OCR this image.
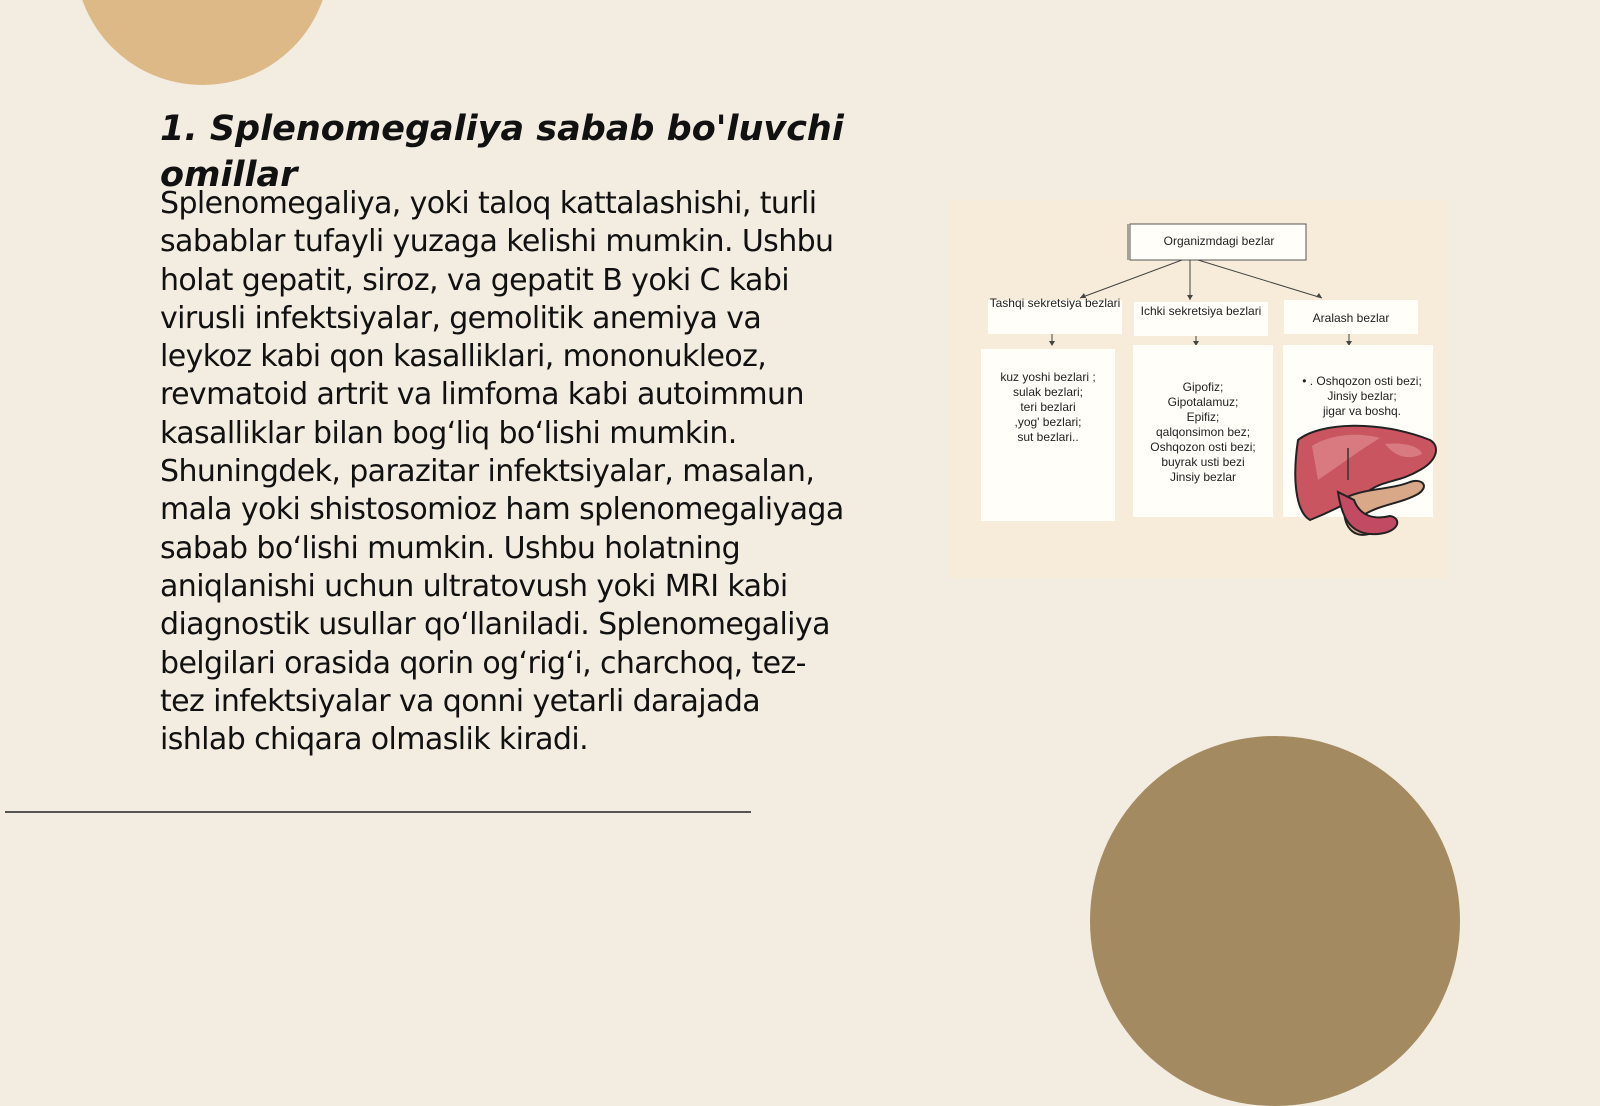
1. Splenomegaliya sabab bo'luvchi omillar

Splenomegaliya, yoki taloq kattalashishi, turli sabablar tufayli yuzaga kelishi mumkin. Ushbu holat gepatit, siroz, va gepatit B yoki C kabi virusli infektsiyalar, gemolitik anemiya va leykoz kabi qon kasalliklari, mononukleoz, revmatoid artrit va limfoma kabi autoimmun kasalliklar bilan bog‘liq bo‘lishi mumkin. Shuningdek, parazitar infektsiyalar, masalan, mala yoki shistosomioz ham splenomegaliyaga sabab bo‘lishi mumkin. Ushbu holatning aniqlanishi uchun ultratovush yoki MRI kabi diagnostik usullar qo‘llaniladi. Splenomegaliya belgilari orasida qorin og‘rig‘i, charchoq, tez-tez infektsiyalar va qonni yetarli darajada ishlab chiqara olmaslik kiradi.

Organizmdagi bezlar
Tashqi sekretsiya bezlari
Ichki sekretsiya bezlari	Aralash bezlar
kuz yoshi bezlari ;
sulak bezlari;
teri bezlari
,yog' bezlari;
sut bezlari..
Gipofiz;
Gipotalamuz;
Epifiz;
qalqonsimon bez;
Oshqozon osti bezi;
buyrak usti bezi
Jinsiy bezlar
• . Oshqozon osti bezi;
Jinsiy bezlar;
jigar va boshq.
